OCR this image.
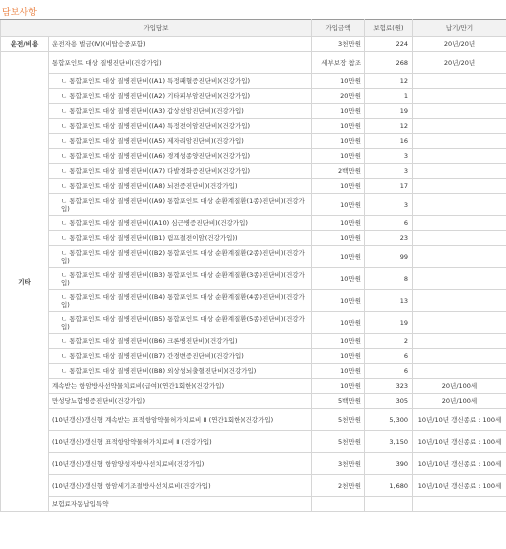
담보사항
가입담보		가입금액	보험료(원)	납기/만기
운전/비용	운전자용 벌금(Ⅳ)(비탑승중포함)	3천만원	224	20년/20년
기타	통합포인트 대상 질병진단비(건강가입)	세부보장 참조	268	20년/20년
	ㄴ 통합포인트 대상 질병진단비((A1) 특정패혈증진단비)(건강가입)	10만원	12	
	ㄴ 통합포인트 대상 질병진단비((A2) 기타피부암진단비)(건강가입)	20만원	1	
	ㄴ 통합포인트 대상 질병진단비((A3) 갑상선암진단비)(건강가입)	10만원	19	
	ㄴ 통합포인트 대상 질병진단비((A4) 특정전이암진단비)(건강가입)	10만원	12	
	ㄴ 통합포인트 대상 질병진단비((A5) 제자리암진단비)(건강가입)	10만원	16	
	ㄴ 통합포인트 대상 질병진단비((A6) 경계성종양진단비)(건강가입)	10만원	3	
	ㄴ 통합포인트 대상 질병진단비((A7) 다발경화증진단비)(건강가입)	2백만원	3	
	ㄴ 통합포인트 대상 질병진단비((A8) 뇌전증진단비)(건강가입)	10만원	17	
	ㄴ 통합포인트 대상 질병진단비((A9) 통합포인트 대상 순환계질환(1종)진단비)(건강가입)	10만원	3	
	ㄴ 통합포인트 대상 질병진단비((A10) 심근병증진단비)(건강가입)	10만원	6	
	ㄴ 통합포인트 대상 질병진단비((B1) 림프절전이암(건강가입))	10만원	23	
	ㄴ 통합포인트 대상 질병진단비((B2) 통합포인트 대상 순환계질환(2종)진단비)(건강가입)	10만원	99	
	ㄴ 통합포인트 대상 질병진단비((B3) 통합포인트 대상 순환계질환(3종)진단비)(건강가입)	10만원	8	
	ㄴ 통합포인트 대상 질병진단비((B4) 통합포인트 대상 순환계질환(4종)진단비)(건강가입)	10만원	13	
	ㄴ 통합포인트 대상 질병진단비((B5) 통합포인트 대상 순환계질환(5종)진단비)(건강가입)	10만원	19	
	ㄴ 통합포인트 대상 질병진단비((B6) 크론병진단비)(건강가입)	10만원	2	
	ㄴ 통합포인트 대상 질병진단비((B7) 간경변증진단비)(건강가입)	10만원	6	
	ㄴ 통합포인트 대상 질병진단비((B8) 외상성뇌출혈진단비)(건강가입)	10만원	6	
	계속받는 항암방사선약물치료비(급여)(연간1회한)(건강가입)	10만원	323	20년/100세
	만성당뇨합병증진단비(건강가입)	5백만원	305	20년/100세
	(10년갱신)갱신형 계속받는 표적항암약물허가치료비 Ⅱ (연간1회한)(건강가입)	5천만원	5,300	10년/10년 갱신종료 : 100세
	(10년갱신)갱신형 표적항암약물허가치료비 Ⅱ (건강가입)	5천만원	3,150	10년/10년 갱신종료 : 100세
	(10년갱신)갱신형 항암양성자방사선치료비(건강가입)	3천만원	390	10년/10년 갱신종료 : 100세
	(10년갱신)갱신형 항암세기조절방사선치료비(건강가입)	2천만원	1,680	10년/10년 갱신종료 : 100세
	보험료자동납입특약			
